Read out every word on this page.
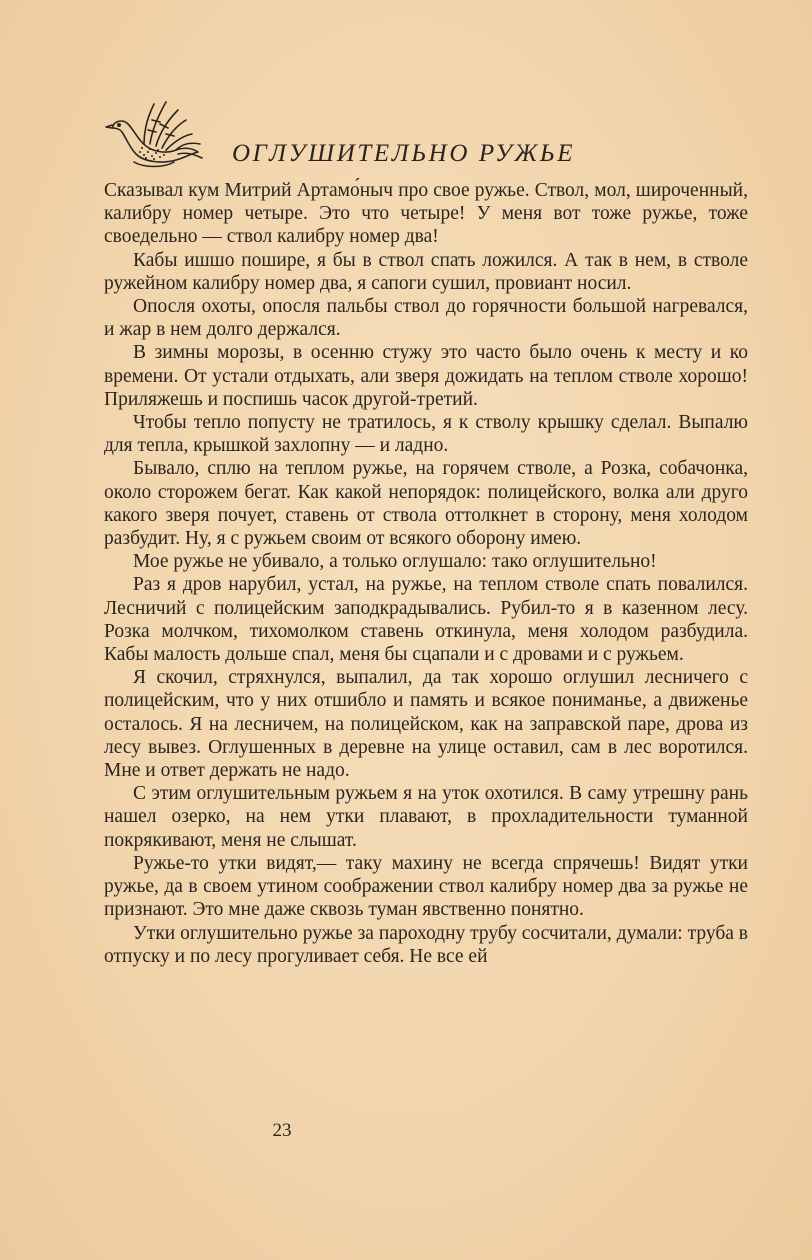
ОГЛУШИТЕЛЬНО РУЖЬЕ

Сказывал кум Митрий Артамо́ныч про свое ружье. Ствол, мол, широченный, калибру номер четыре. Это что четыре! У меня вот тоже ружье, тоже своедельно — ствол калибру номер два!

Кабы ишшо пошире, я бы в ствол спать ложился. А так в нем, в стволе ружейном калибру номер два, я сапоги сушил, провиант носил.

Опосля охоты, опосля пальбы ствол до горячности большой нагревался, и жар в нем долго держался.

В зимны морозы, в осенню стужу это часто было очень к месту и ко времени. От устали отдыхать, али зверя дожидать на теплом стволе хорошо! Приляжешь и поспишь часок другой-третий.

Чтобы тепло попусту не тратилось, я к стволу крышку сделал. Выпалю для тепла, крышкой захлопну — и ладно.

Бывало, сплю на теплом ружье, на горячем стволе, а Розка, собачонка, около сторожем бегат. Как какой непорядок: полицейского, волка али друго какого зверя почует, ставень от ствола оттолкнет в сторону, меня холодом разбудит. Ну, я с ружьем своим от всякого оборону имею.

Мое ружье не убивало, а только оглушало: тако оглушительно!

Раз я дров нарубил, устал, на ружье, на теплом стволе спать повалился. Лесничий с полицейским заподкрадывались. Рубил-то я в казенном лесу. Розка молчком, тихомолком ставень откинула, меня холодом разбудила. Кабы малость дольше спал, меня бы сцапали и с дровами и с ружьем.

Я скочил, стряхнулся, выпалил, да так хорошо оглушил лесничего с полицейским, что у них отшибло и память и всякое пониманье, а движенье осталось. Я на лесничем, на полицейском, как на заправской паре, дрова из лесу вывез. Оглушенных в деревне на улице оставил, сам в лес воротился. Мне и ответ держать не надо.

С этим оглушительным ружьем я на уток охотился. В саму утрешну рань нашел озерко, на нем утки плавают, в прохладительности туманной покрякивают, меня не слышат.

Ружье-то утки видят,— таку махину не всегда спрячешь! Видят утки ружье, да в своем утином соображении ствол калибру номер два за ружье не признают. Это мне даже сквозь туман явственно понятно.

Утки оглушительно ружье за пароходну трубу сосчитали, думали: труба в отпуску и по лесу прогуливает себя. Не все ей

23
